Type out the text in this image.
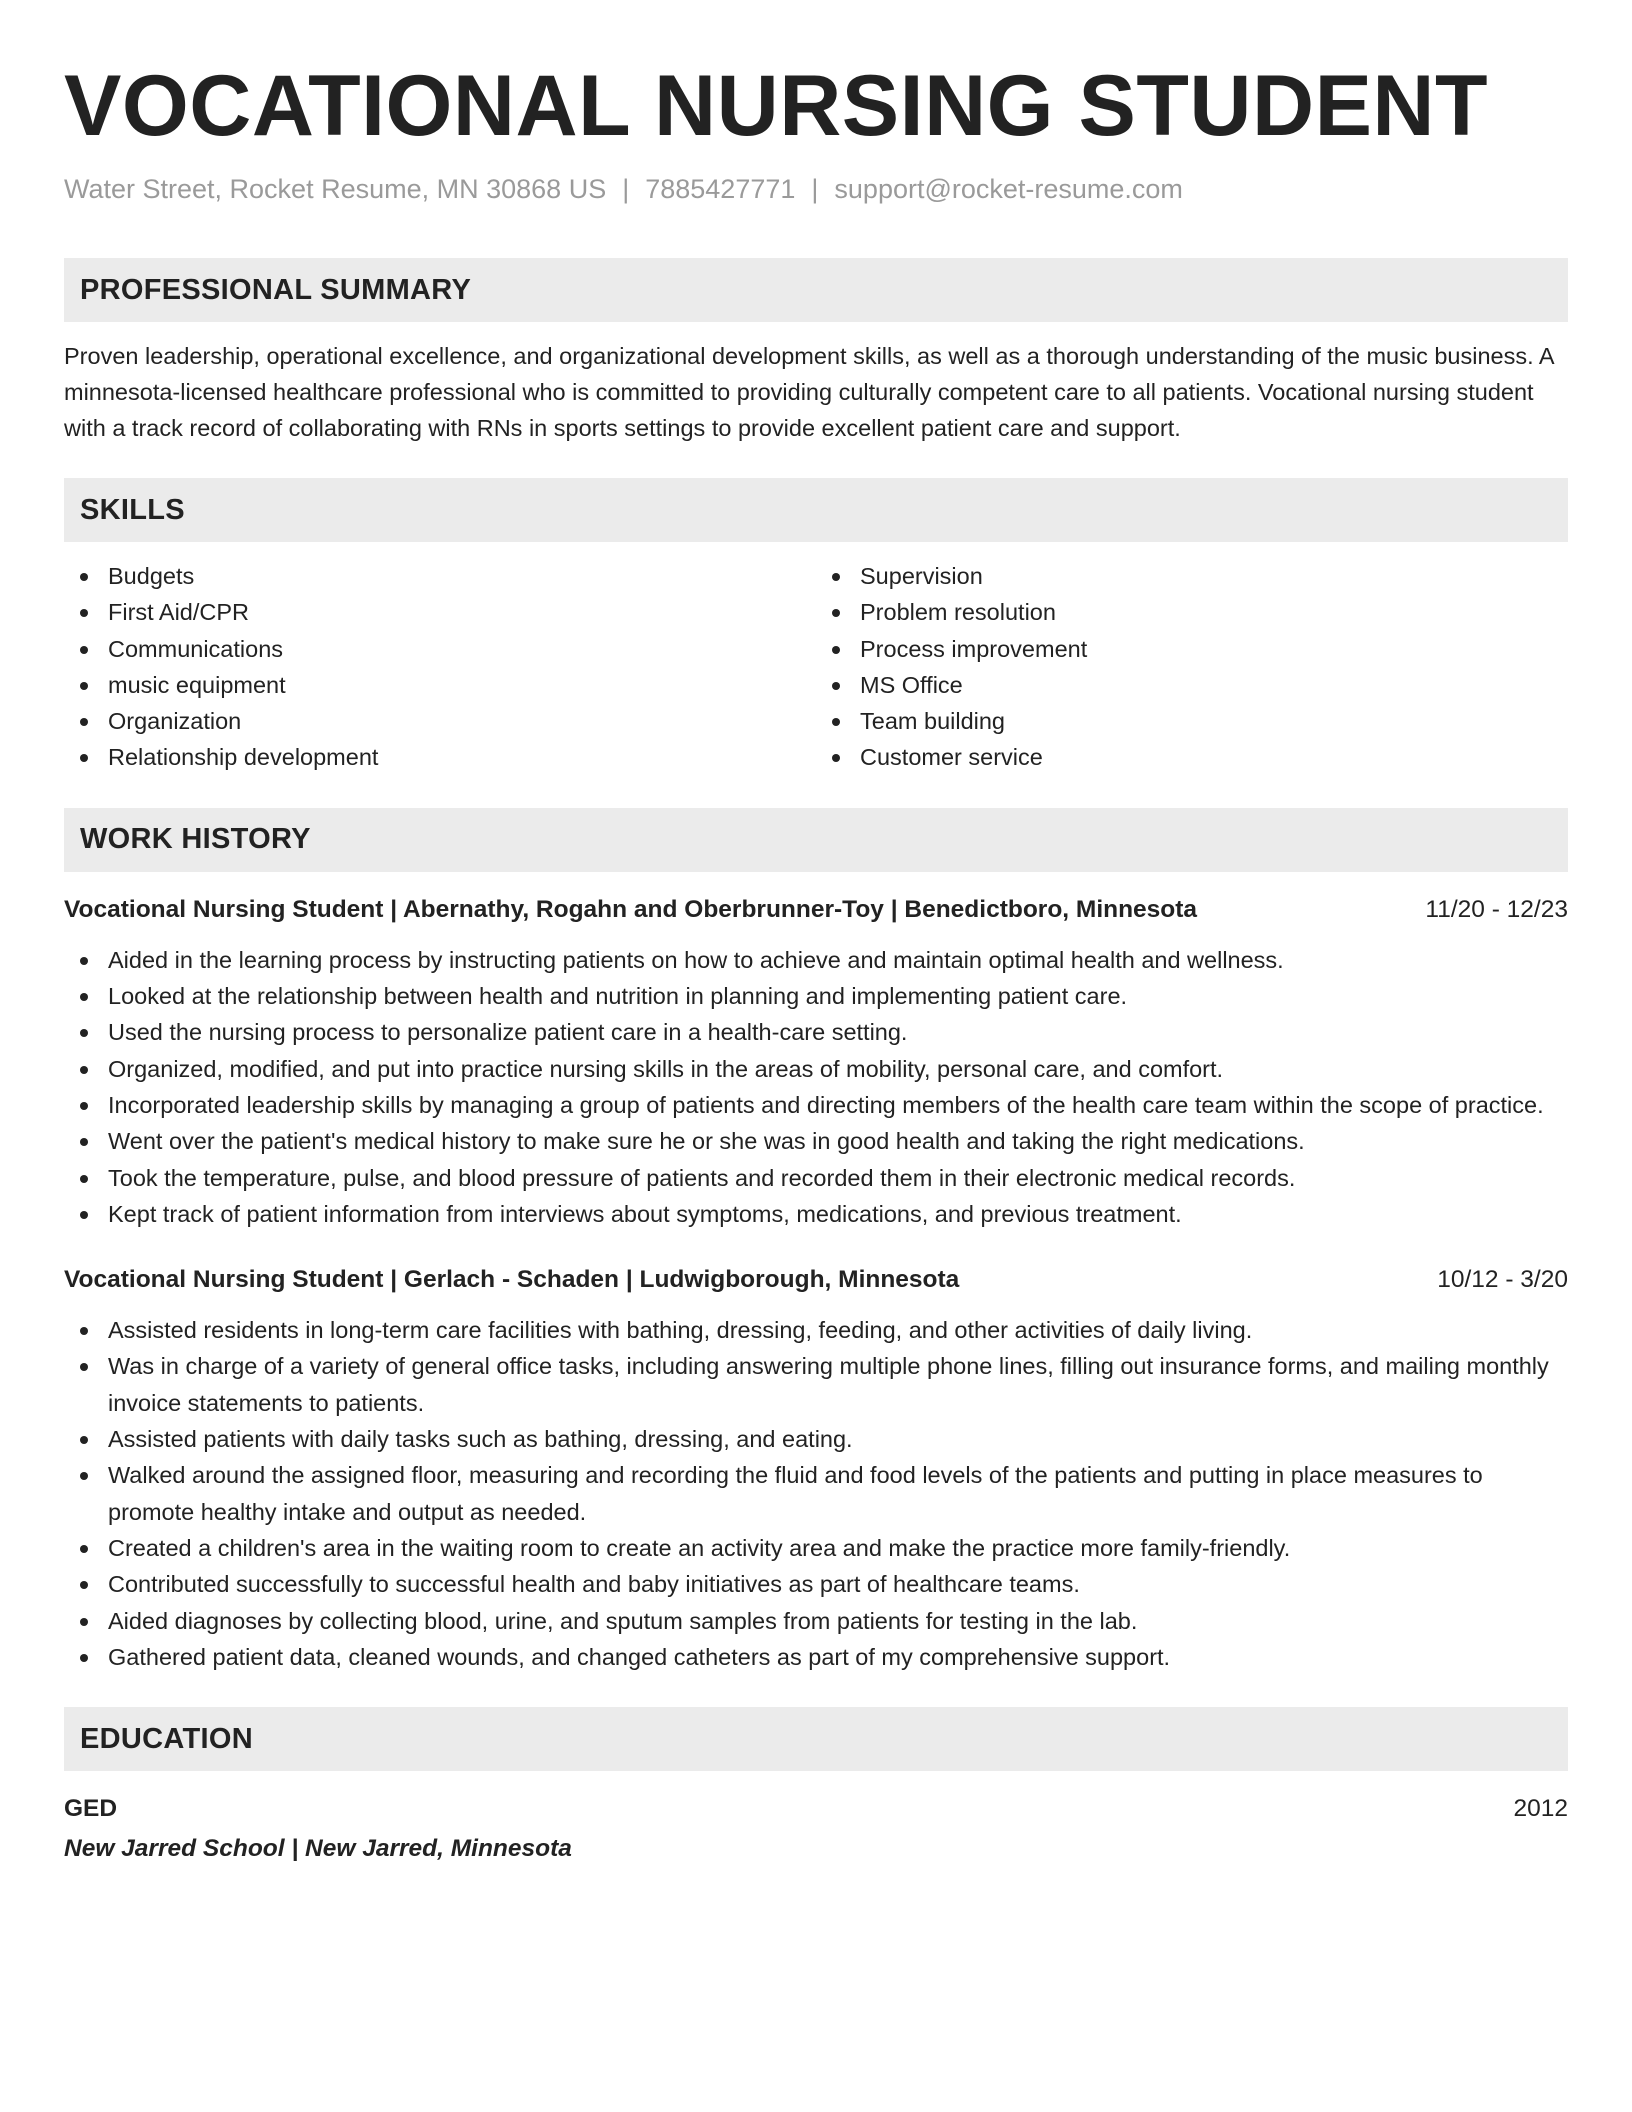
VOCATIONAL NURSING STUDENT
Water Street, Rocket Resume, MN 30868 US | 7885427771 | support@rocket-resume.com
PROFESSIONAL SUMMARY

Proven leadership, operational excellence, and organizational development skills, as well as a thorough understanding of the music business. A minnesota-licensed healthcare professional who is committed to providing culturally competent care to all patients. Vocational nursing student with a track record of collaborating with RNs in sports settings to provide excellent patient care and support.

SKILLS
Budgets
First Aid/CPR
Communications
music equipment
Organization
Relationship development
Supervision
Problem resolution
Process improvement
MS Office
Team building
Customer service
WORK HISTORY
Vocational Nursing Student | Abernathy, Rogahn and Oberbrunner-Toy | Benedictboro, Minnesota	11/20 - 12/23
Aided in the learning process by instructing patients on how to achieve and maintain optimal health and wellness.
Looked at the relationship between health and nutrition in planning and implementing patient care.
Used the nursing process to personalize patient care in a health-care setting.
Organized, modified, and put into practice nursing skills in the areas of mobility, personal care, and comfort.
Incorporated leadership skills by managing a group of patients and directing members of the health care team within the scope of practice.
Went over the patient's medical history to make sure he or she was in good health and taking the right medications.
Took the temperature, pulse, and blood pressure of patients and recorded them in their electronic medical records.
Kept track of patient information from interviews about symptoms, medications, and previous treatment.
Vocational Nursing Student | Gerlach - Schaden | Ludwigborough, Minnesota	10/12 - 3/20
Assisted residents in long-term care facilities with bathing, dressing, feeding, and other activities of daily living.
Was in charge of a variety of general office tasks, including answering multiple phone lines, filling out insurance forms, and mailing monthly invoice statements to patients.
Assisted patients with daily tasks such as bathing, dressing, and eating.
Walked around the assigned floor, measuring and recording the fluid and food levels of the patients and putting in place measures to promote healthy intake and output as needed.
Created a children's area in the waiting room to create an activity area and make the practice more family-friendly.
Contributed successfully to successful health and baby initiatives as part of healthcare teams.
Aided diagnoses by collecting blood, urine, and sputum samples from patients for testing in the lab.
Gathered patient data, cleaned wounds, and changed catheters as part of my comprehensive support.
EDUCATION
GED	2012
New Jarred School | New Jarred, Minnesota
